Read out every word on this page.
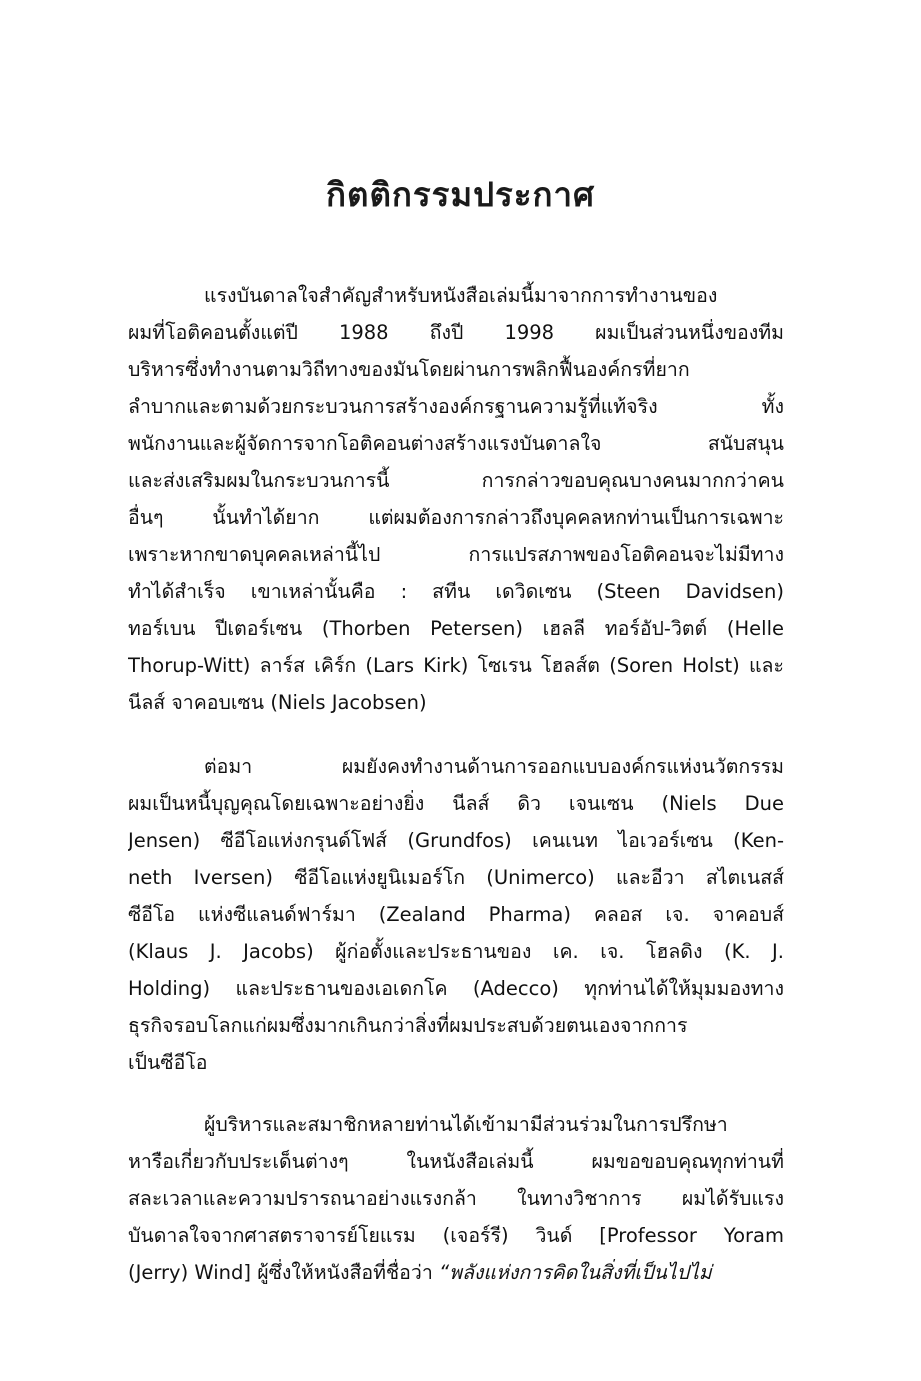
กิตติกรรมประกาศ
แรงบันดาลใจสำคัญสำหรับหนังสือเล่มนี้มาจากการทำงานของ
ผมที่โอติคอนตั้งแต่ปี 1988 ถึงปี 1998 ผมเป็นส่วนหนึ่งของทีม
บริหารซึ่งทำงานตามวิถีทางของมันโดยผ่านการพลิกฟื้นองค์กรที่ยาก
ลำบากและตามด้วยกระบวนการสร้างองค์กรฐานความรู้ที่แท้จริง ทั้ง
พนักงานและผู้จัดการจากโอติคอนต่างสร้างแรงบันดาลใจ สนับสนุน
และส่งเสริมผมในกระบวนการนี้ การกล่าวขอบคุณบางคนมากกว่าคน
อื่นๆ นั้นทำได้ยาก แต่ผมต้องการกล่าวถึงบุคคลหกท่านเป็นการเฉพาะ
เพราะหากขาดบุคคลเหล่านี้ไป การแปรสภาพของโอติคอนจะไม่มีทาง
ทำได้สำเร็จ เขาเหล่านั้นคือ : สทีน เดวิดเซน (Steen Davidsen)
ทอร์เบน ปีเตอร์เซน (Thorben Petersen) เฮลลี ทอร์อัป-วิตต์ (Helle
Thorup-Witt) ลาร์ส เคิร์ก (Lars Kirk) โซเรน โฮลส์ต (Soren Holst) และ
นีลส์ จาคอบเซน (Niels Jacobsen)
ต่อมา ผมยังคงทำงานด้านการออกแบบองค์กรแห่งนวัตกรรม
ผมเป็นหนี้บุญคุณโดยเฉพาะอย่างยิ่ง นีลส์ ดิว เจนเซน (Niels Due
Jensen) ซีอีโอแห่งกรุนด์โฟส์ (Grundfos) เคนเนท ไอเวอร์เซน (Ken-
neth Iversen) ซีอีโอแห่งยูนิเมอร์โก (Unimerco) และอีวา สไตเนสส์
ซีอีโอ แห่งซีแลนด์ฟาร์มา (Zealand Pharma) คลอส เจ. จาคอบส์
(Klaus J. Jacobs) ผู้ก่อตั้งและประธานของ เค. เจ. โฮลดิง (K. J.
Holding) และประธานของเอเดกโค (Adecco) ทุกท่านได้ให้มุมมองทาง
ธุรกิจรอบโลกแก่ผมซึ่งมากเกินกว่าสิ่งที่ผมประสบด้วยตนเองจากการ
เป็นซีอีโอ
ผู้บริหารและสมาชิกหลายท่านได้เข้ามามีส่วนร่วมในการปรึกษา
หารือเกี่ยวกับประเด็นต่างๆ ในหนังสือเล่มนี้ ผมขอขอบคุณทุกท่านที่
สละเวลาและความปรารถนาอย่างแรงกล้า ในทางวิชาการ ผมได้รับแรง
บันดาลใจจากศาสตราจารย์โยแรม (เจอร์รี) วินด์ [Professor Yoram
(Jerry) Wind] ผู้ซึ่งให้หนังสือที่ชื่อว่า “พลังแห่งการคิดในสิ่งที่เป็นไปไม่
